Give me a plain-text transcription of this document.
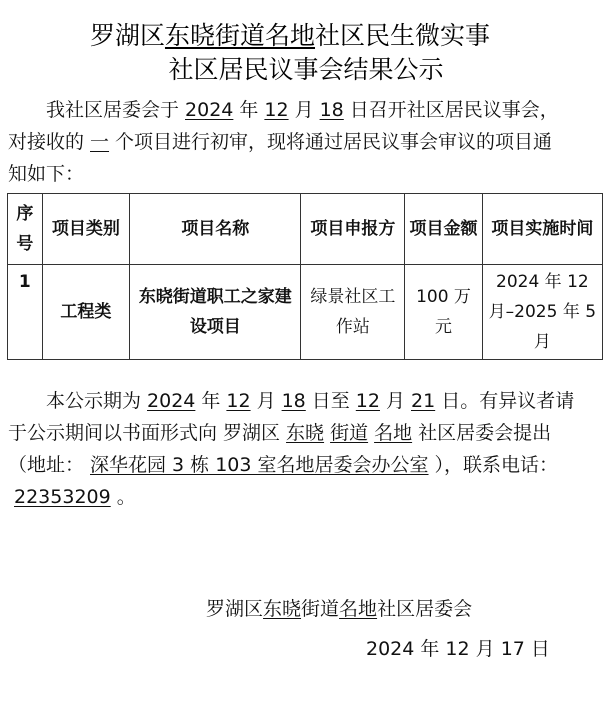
罗湖区东晓街道名地社区民生微实事
社区居民议事会结果公示
我社区居委会于 2024 年 12 月 18 日召开社区居民议事会，对接收的 一 个项目进行初审，现将通过居民议事会审议的项目通知如下：
序号	项目类别	项目名称	项目申报方	项目金额	项目实施时间
1	工程类	东晓街道职工之家建设项目	绿景社区工作站	100 万元	2024 年 12 月–2025 年 5 月
本公示期为 2024 年 12 月 18 日至 12 月 21 日。有异议者请于公示期间以书面形式向 罗湖区 东晓 街道 名地 社区居委会提出（地址： 深华花园 3 栋 103 室名地居委会办公室 ），联系电话：22353209 。
罗湖区东晓街道名地社区居委会
2024 年 12 月 17 日
